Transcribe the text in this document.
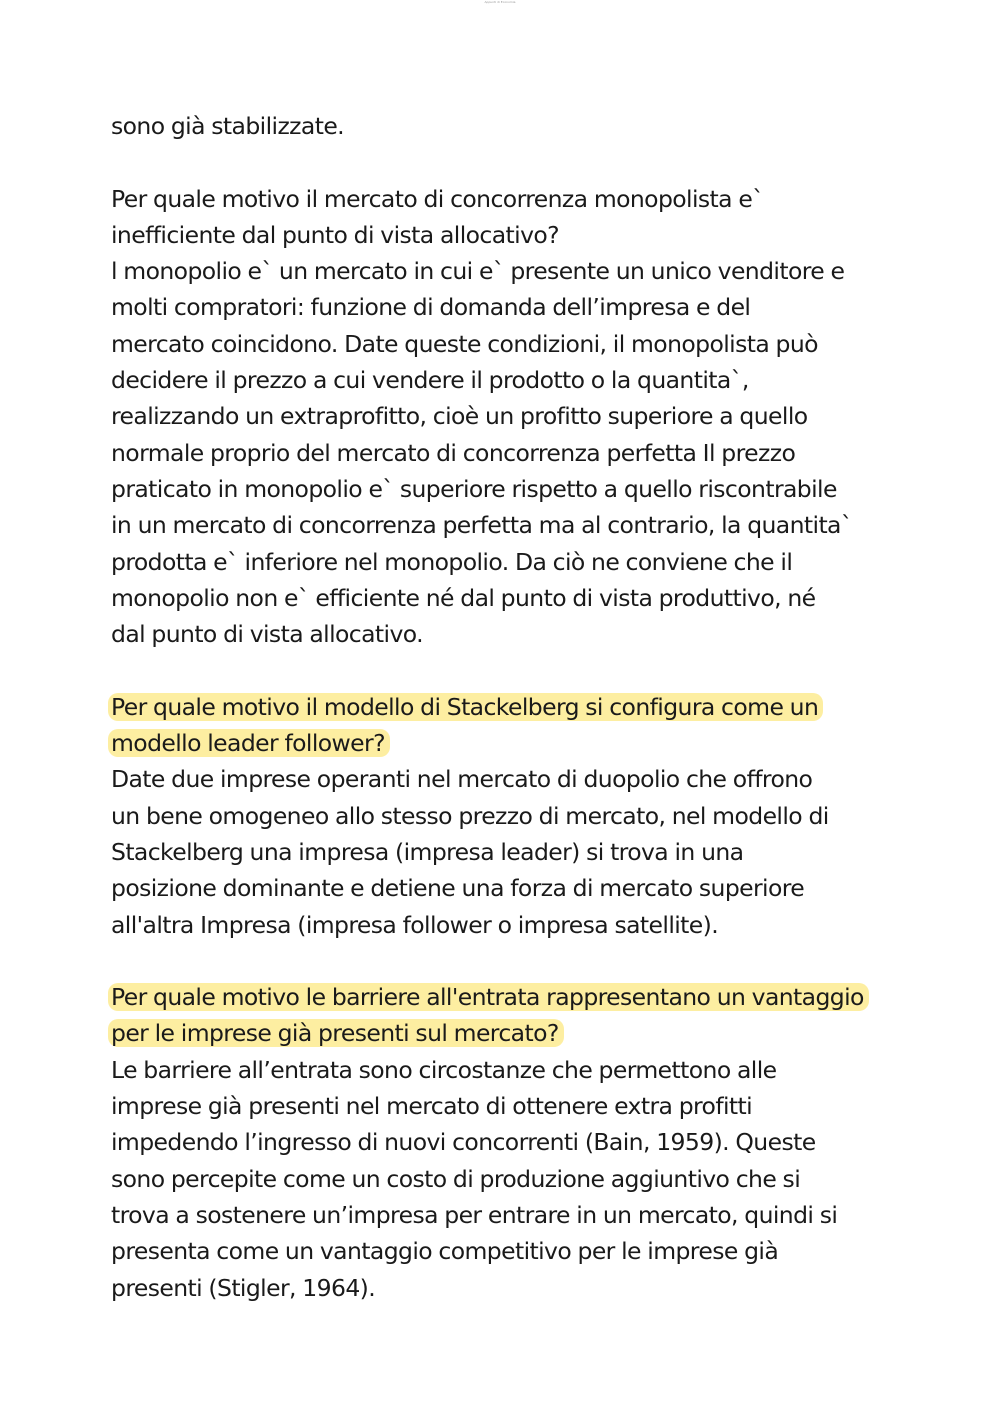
Appunti di Economia
sono già stabilizzate.
Per quale motivo il mercato di concorrenza monopolista e`
inefficiente dal punto di vista allocativo?
l monopolio e` un mercato in cui e` presente un unico venditore e
molti compratori: funzione di domanda dell’impresa e del
mercato coincidono. Date queste condizioni, il monopolista può
decidere il prezzo a cui vendere il prodotto o la quantita`,
realizzando un extraprofitto, cioè un profitto superiore a quello
normale proprio del mercato di concorrenza perfetta Il prezzo
praticato in monopolio e` superiore rispetto a quello riscontrabile
in un mercato di concorrenza perfetta ma al contrario, la quantita`
prodotta e` inferiore nel monopolio. Da ciò ne conviene che il
monopolio non e` efficiente né dal punto di vista produttivo, né
dal punto di vista allocativo.
Per quale motivo il modello di Stackelberg si configura come un
modello leader follower?
Date due imprese operanti nel mercato di duopolio che offrono
un bene omogeneo allo stesso prezzo di mercato, nel modello di
Stackelberg una impresa (impresa leader) si trova in una
posizione dominante e detiene una forza di mercato superiore
all'altra Impresa (impresa follower o impresa satellite).
Per quale motivo le barriere all'entrata rappresentano un vantaggio
per le imprese già presenti sul mercato?
Le barriere all’entrata sono circostanze che permettono alle
imprese già presenti nel mercato di ottenere extra profitti
impedendo l’ingresso di nuovi concorrenti (Bain, 1959). Queste
sono percepite come un costo di produzione aggiuntivo che si
trova a sostenere un’impresa per entrare in un mercato, quindi si
presenta come un vantaggio competitivo per le imprese già
presenti (Stigler, 1964).
